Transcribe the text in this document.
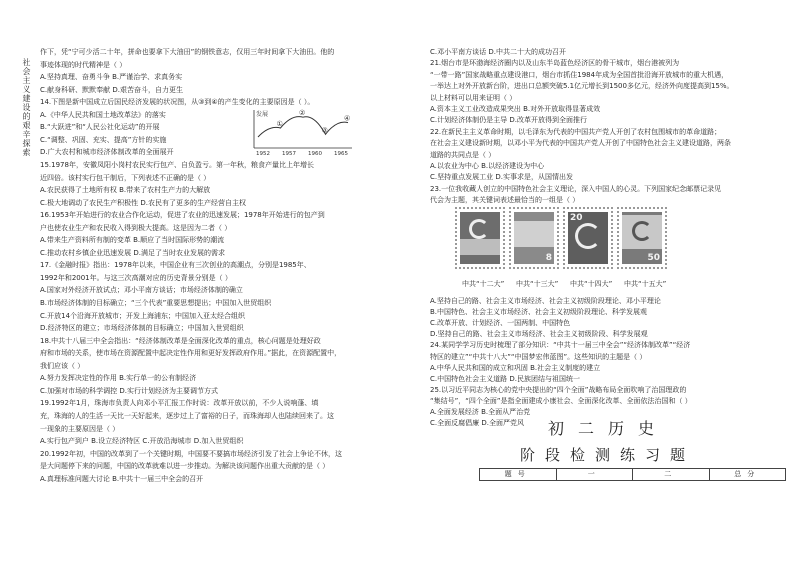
社会主义建设的艰辛探索
作下，凭“宁可少活二十年，拼命也要拿下大油田”的钢铁意志，仅用三年时间拿下大油田。他的
事迹体现的时代精神是（ ）
A.坚持真理、奋勇斗争 B.严谨治学、求真务实
C.献身科研、默默奉献 D.艰苦奋斗，自力更生
14.下图是新中国成立后国民经济发展的状况图，从③到④的产生变化的主要原因是（ ）。
A.《中华人民共和国土地改革法》的落实
B.“大跃进”和“人民公社化运动”的开展
C.“调整、巩固、充实、提高”方针的实施
D.广大农村和城市经济体制改革的全面展开
15.1978年，安徽凤阳小岗村农民实行包产、自负盈亏。第一年秋，粮食产量比上年增长
近四倍。该村实行包干制后，下列表述不正确的是（ ）
A.农民获得了土地所有权 B.带来了农村生产力的大解放
C.极大地调动了农民生产积极性 D.农民有了更多的生产经营自主权
16.1953年开始进行的农业合作化运动，促进了农业的迅速发展；1978年开始进行的包产到
户也使农业生产和农民收入得到极大提高。这是因为二者（ ）
A.带来生产资料所有制的变革 B.顺应了当时国际形势的潮流
C.推动农村乡镇企业迅速发展 D.满足了当时农业发展的需求
17.《金融时报》指出：1978年以来，中国企业有三次创业的高潮点，分别是1985年、
1992年和2001年。与这三次高潮对应的历史背景分别是（ ）
A.国家对外经济开放试点；邓小平南方谈话；市场经济体制的确立
B.市场经济体制的目标确立；“三个代表”重要思想提出；中国加入世贸组织
C.开放14个沿海开放城市；开发上海浦东；中国加入亚太经合组织
D.经济特区的建立；市场经济体制的目标确立；中国加入世贸组织
18.中共十八届三中全会指出：“经济体制改革是全面深化改革的重点，核心问题是处理好政
府和市场的关系，使市场在资源配置中起决定性作用和更好发挥政府作用。”据此，在资源配置中，
我们应该（ ）
A.努力发挥决定性的作用 B.实行单一的公有制经济
C.加强对市场的科学调控 D.实行计划经济为主要调节方式
19.1992年1月，珠海市负责人向邓小平汇报工作时说：改革开放以前，不少人说响蓬、填
充，珠海的人的生活一天比一天好起来，逐步过上了富裕的日子，而珠海却人也陆续回来了。这
一现象的主要原因是（ ）
A.实行包产到户 B.设立经济特区 C.开放沿海城市 D.加入世贸组织
20.1992年初，中国的改革到了一个关键时期，中国要不要搞市场经济引发了社会上争论不休，这
是大问题停下来的问题，中国的改革就难以进一步推动。为解决该问题作出重大贡献的是（ ）
A.真理标准问题大讨论 B.中共十一届三中全会的召开
①
②
③
④
1952 1957 1960 1965
发展
C.邓小平南方谈话 D.中共二十大的成功召开
21.烟台市是环渤海经济圈内以及山东半岛蓝色经济区的骨干城市，烟台港被列为
“一带一路”国家战略重点建设港口，烟台市抓住1984年成为全国首批沿海开放城市的重大机遇，
一举达上对外开放新台阶，进出口总额突破5.1亿元增长到1500多亿元，经济外向度提高到15%。
以上材料可以用来证明（ ）
A.资本主义工业改造成果突出 B.对外开放取得显著成效
C.计划经济体制仍是主导 D.改革开放得到全面推行
22.在新民主主义革命时期，以毛泽东为代表的中国共产党人开创了农村包围城市的革命道路；
在社会主义建设新时期，以邓小平为代表的中国共产党人开创了中国特色社会主义建设道路，两条
道路的共同点是（ ）
A.以农业为中心 B.以经济建设为中心
C.坚持重点发展工业 D.实事求是，从国情出发
23.一位我收藏人创立的中国特色社会主义理论，深入中国人的心灵。下列国家纪念邮票记录见
代会为主题，其关键词表述最恰当的一组是（ ）
A.坚持自己的路、社会主义市场经济、社会主义初级阶段理论、邓小平理论
B.中国特色、社会主义市场经济、社会主义初级阶段理论、科学发展观
C.改革开放、计划经济、一国两制、中国特色
D.坚持自己的路、社会主义市场经济、社会主义初级阶段、科学发展观
24.某同学学习历史时梳理了部分知识：“中共十一届三中全会”“经济体制改革”“经济
特区的建立”“中共十八大”“中国梦宏伟蓝图”。这些知识的主题是（ ）
A.中华人民共和国的成立和巩固 B.社会主义制度的建立
C.中国特色社会主义道路 D.民族团结与祖国统一
25.以习近平同志为核心的党中央提出的“四个全面”战略布局全面吹响了治国理政的
“集结号”，“四个全面”是指全面建成小康社会、全面深化改革、全面依法治国和（ ）
A.全面发展经济 B.全面从严治党
C.全面反腐倡廉 D.全面严党风
8
20
50
中共“十二大” 中共“十三大” 中共“十四大” 中共“十五大”
初二历史
阶段检测练习题
题号	一	二	总分
